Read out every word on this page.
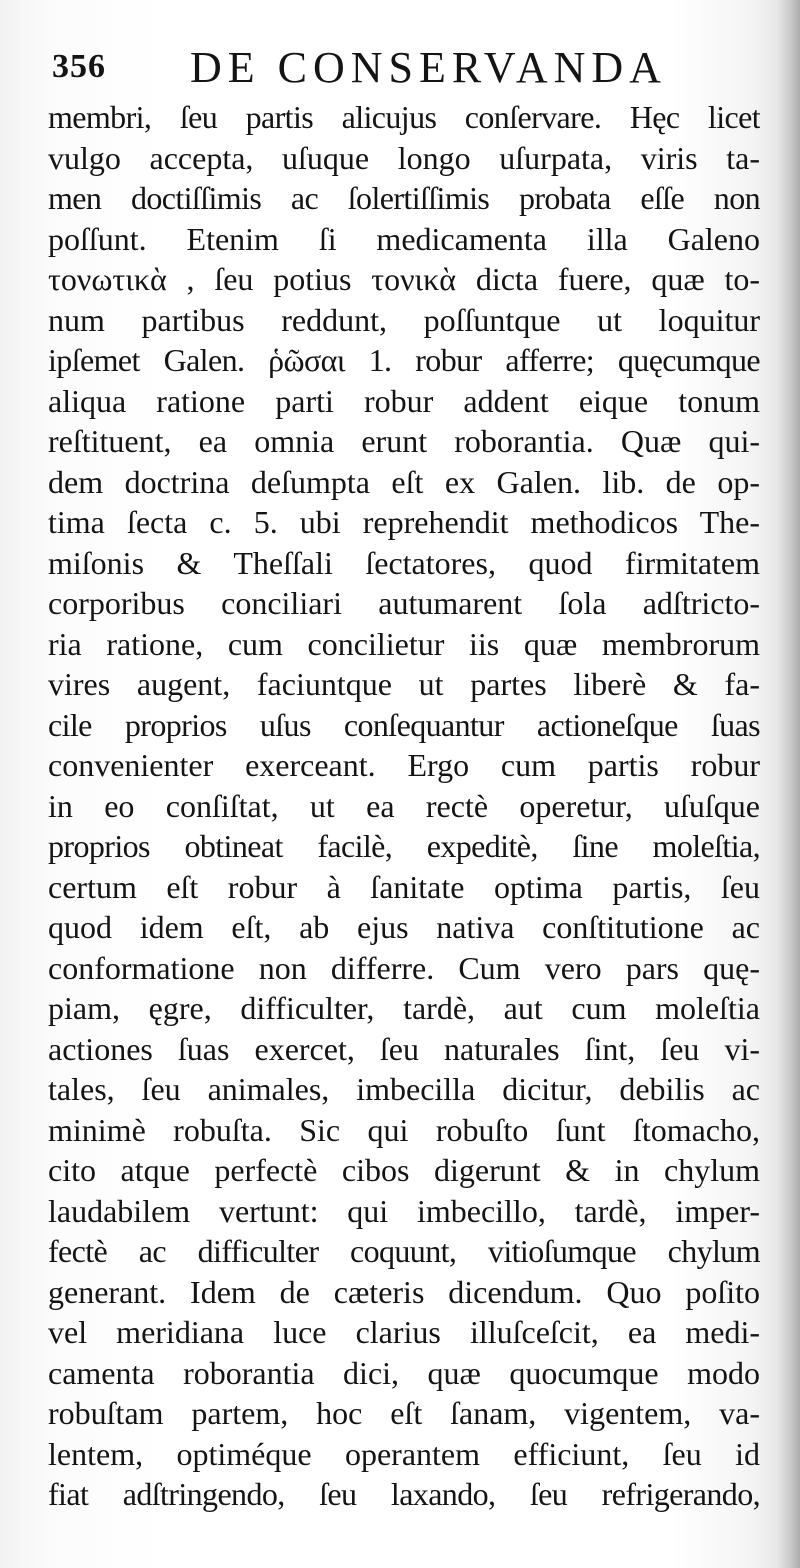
356 DE CONSERVANDA
membri, ſeu partis alicujus conſervare. Hęc licet
vulgo accepta, uſuque longo uſurpata, viris ta-
men doctiſſimis ac ſolertiſſimis probata eſſe non
poſſunt. Etenim ſi medicamenta illa Galeno
τονωτικὰ , ſeu potius τονικὰ dicta fuere, quæ to-
num partibus reddunt, poſſuntque ut loquitur
ipſemet Galen. ῥῶσαι 1. robur afferre; quęcumque
aliqua ratione parti robur addent eique tonum
reſtituent, ea omnia erunt roborantia. Quæ qui-
dem doctrina deſumpta eſt ex Galen. lib. de op-
tima ſecta c. 5. ubi reprehendit methodicos The-
miſonis & Theſſali ſectatores, quod firmitatem
corporibus conciliari autumarent ſola adſtrictο-
ria ratione, cum concilietur iis quæ membrorum
vires augent, faciuntque ut partes liberè & fa-
cile proprios uſus conſequantur actioneſque ſuas
convenienter exerceant. Ergo cum partis robur
in eo conſiſtat, ut ea rectè operetur, uſuſque
proprios obtineat facilè, expeditè, ſine moleſtia,
certum eſt robur à ſanitate optima partis, ſeu
quod idem eſt, ab ejus nativa conſtitutione ac
conformatione non differre. Cum vero pars quę-
piam, ęgre, difficulter, tardè, aut cum moleſtia
actiones ſuas exercet, ſeu naturales ſint, ſeu vi-
tales, ſeu animales, imbecilla dicitur, debilis ac
minimè robuſta. Sic qui robuſto ſunt ſtomacho,
cito atque perfectè cibos digerunt & in chylum
laudabilem vertunt: qui imbecillo, tardè, imper-
fectè ac difficulter coquunt, vitioſumque chylum
generant. Idem de cæteris dicendum. Quo poſito
vel meridiana luce clarius illuſceſcit, ea medi-
camenta roborantia dici, quæ quocumque modo
robuſtam partem, hoc eſt ſanam, vigentem, va-
lentem, optiméque operantem efficiunt, ſeu id
fiat adſtringendo, ſeu laxando, ſeu refrigerando,
